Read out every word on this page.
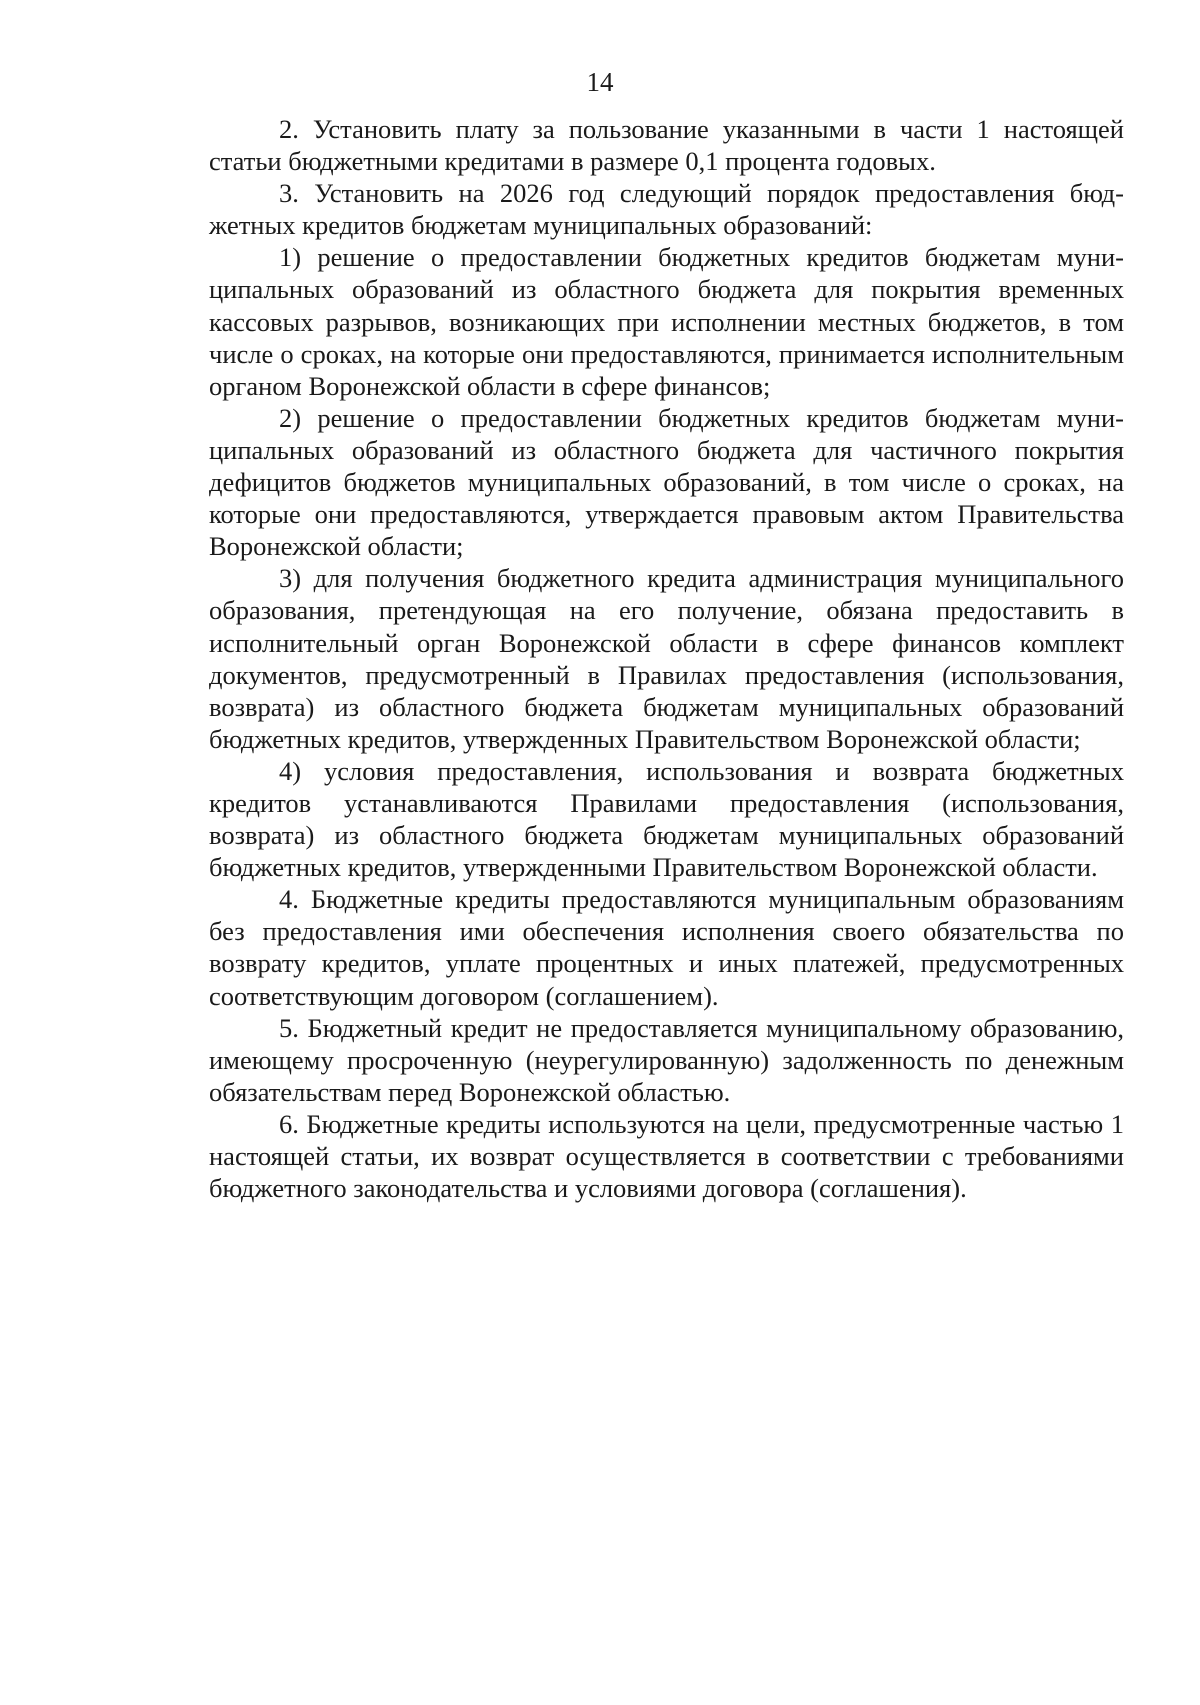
14

2. Установить плату за пользование указанными в части 1 настоящей статьи бюджетными кредитами в размере 0,1 процента годовых.

3. Установить на 2026 год следующий порядок предоставления бюджетных кредитов бюджетам муниципальных образований:

1) решение о предоставлении бюджетных кредитов бюджетам муниципальных образований из областного бюджета для покрытия временных кассовых разрывов, возникающих при исполнении местных бюджетов, в том числе о сроках, на которые они предоставляются, принимается исполнительным органом Воронежской области в сфере финансов;

2) решение о предоставлении бюджетных кредитов бюджетам муниципальных образований из областного бюджета для частичного покрытия дефицитов бюджетов муниципальных образований, в том числе о сроках, на которые они предоставляются, утверждается правовым актом Правительства Воронежской области;

3) для получения бюджетного кредита администрация муниципального образования, претендующая на его получение, обязана предоставить в исполнительный орган Воронежской области в сфере финансов комплект документов, предусмотренный в Правилах предоставления (использования, возврата) из областного бюджета бюджетам муниципальных образований бюджетных кредитов, утвержденных Правительством Воронежской области;

4) условия предоставления, использования и возврата бюджетных кредитов устанавливаются Правилами предоставления (использования, возврата) из областного бюджета бюджетам муниципальных образований бюджетных кредитов, утвержденными Правительством Воронежской области.

4. Бюджетные кредиты предоставляются муниципальным образованиям без предоставления ими обеспечения исполнения своего обязательства по возврату кредитов, уплате процентных и иных платежей, предусмотренных соответствующим договором (соглашением).

5. Бюджетный кредит не предоставляется муниципальному образованию, имеющему просроченную (неурегулированную) задолженность по денежным обязательствам перед Воронежской областью.

6. Бюджетные кредиты используются на цели, предусмотренные частью 1 настоящей статьи, их возврат осуществляется в соответствии с требованиями бюджетного законодательства и условиями договора (соглашения).
